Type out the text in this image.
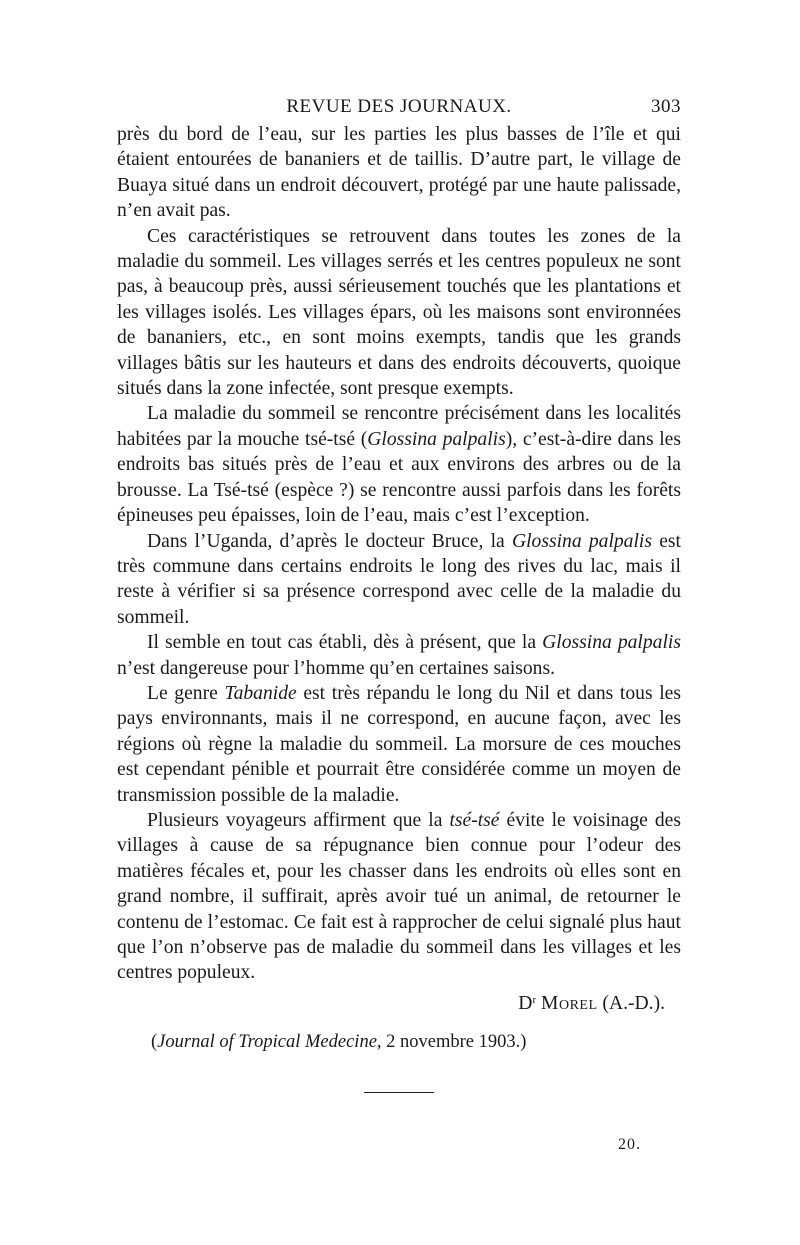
REVUE DES JOURNAUX.	303

près du bord de l’eau, sur les parties les plus basses de l’île et qui étaient entourées de bananiers et de taillis. D’autre part, le village de Buaya situé dans un endroit découvert, protégé par une haute palissade, n’en avait pas.

Ces caractéristiques se retrouvent dans toutes les zones de la maladie du sommeil. Les villages serrés et les centres populeux ne sont pas, à beaucoup près, aussi sérieusement touchés que les plantations et les villages isolés. Les villages épars, où les maisons sont environnées de bananiers, etc., en sont moins exempts, tandis que les grands villages bâtis sur les hauteurs et dans des endroits découverts, quoique situés dans la zone infectée, sont presque exempts.

La maladie du sommeil se rencontre précisément dans les localités habitées par la mouche tsé-tsé (Glossina palpalis), c’est-à-dire dans les endroits bas situés près de l’eau et aux environs des arbres ou de la brousse. La Tsé-tsé (espèce ?) se rencontre aussi parfois dans les forêts épineuses peu épaisses, loin de l’eau, mais c’est l’exception.

Dans l’Uganda, d’après le docteur Bruce, la Glossina palpalis est très commune dans certains endroits le long des rives du lac, mais il reste à vérifier si sa présence correspond avec celle de la maladie du sommeil.

Il semble en tout cas établi, dès à présent, que la Glossina palpalis n’est dangereuse pour l’homme qu’en certaines saisons.

Le genre Tabanide est très répandu le long du Nil et dans tous les pays environnants, mais il ne correspond, en aucune façon, avec les régions où règne la maladie du sommeil. La morsure de ces mouches est cependant pénible et pourrait être considérée comme un moyen de transmission possible de la maladie.

Plusieurs voyageurs affirment que la tsé-tsé évite le voisinage des villages à cause de sa répugnance bien connue pour l’odeur des matières fécales et, pour les chasser dans les endroits où elles sont en grand nombre, il suffirait, après avoir tué un animal, de retourner le contenu de l’estomac. Ce fait est à rapprocher de celui signalé plus haut que l’on n’observe pas de maladie du sommeil dans les villages et les centres populeux.

$D^r$ Morel (A.-D.).
(Journal of Tropical Medecine, 2 novembre 1903.)
20.
